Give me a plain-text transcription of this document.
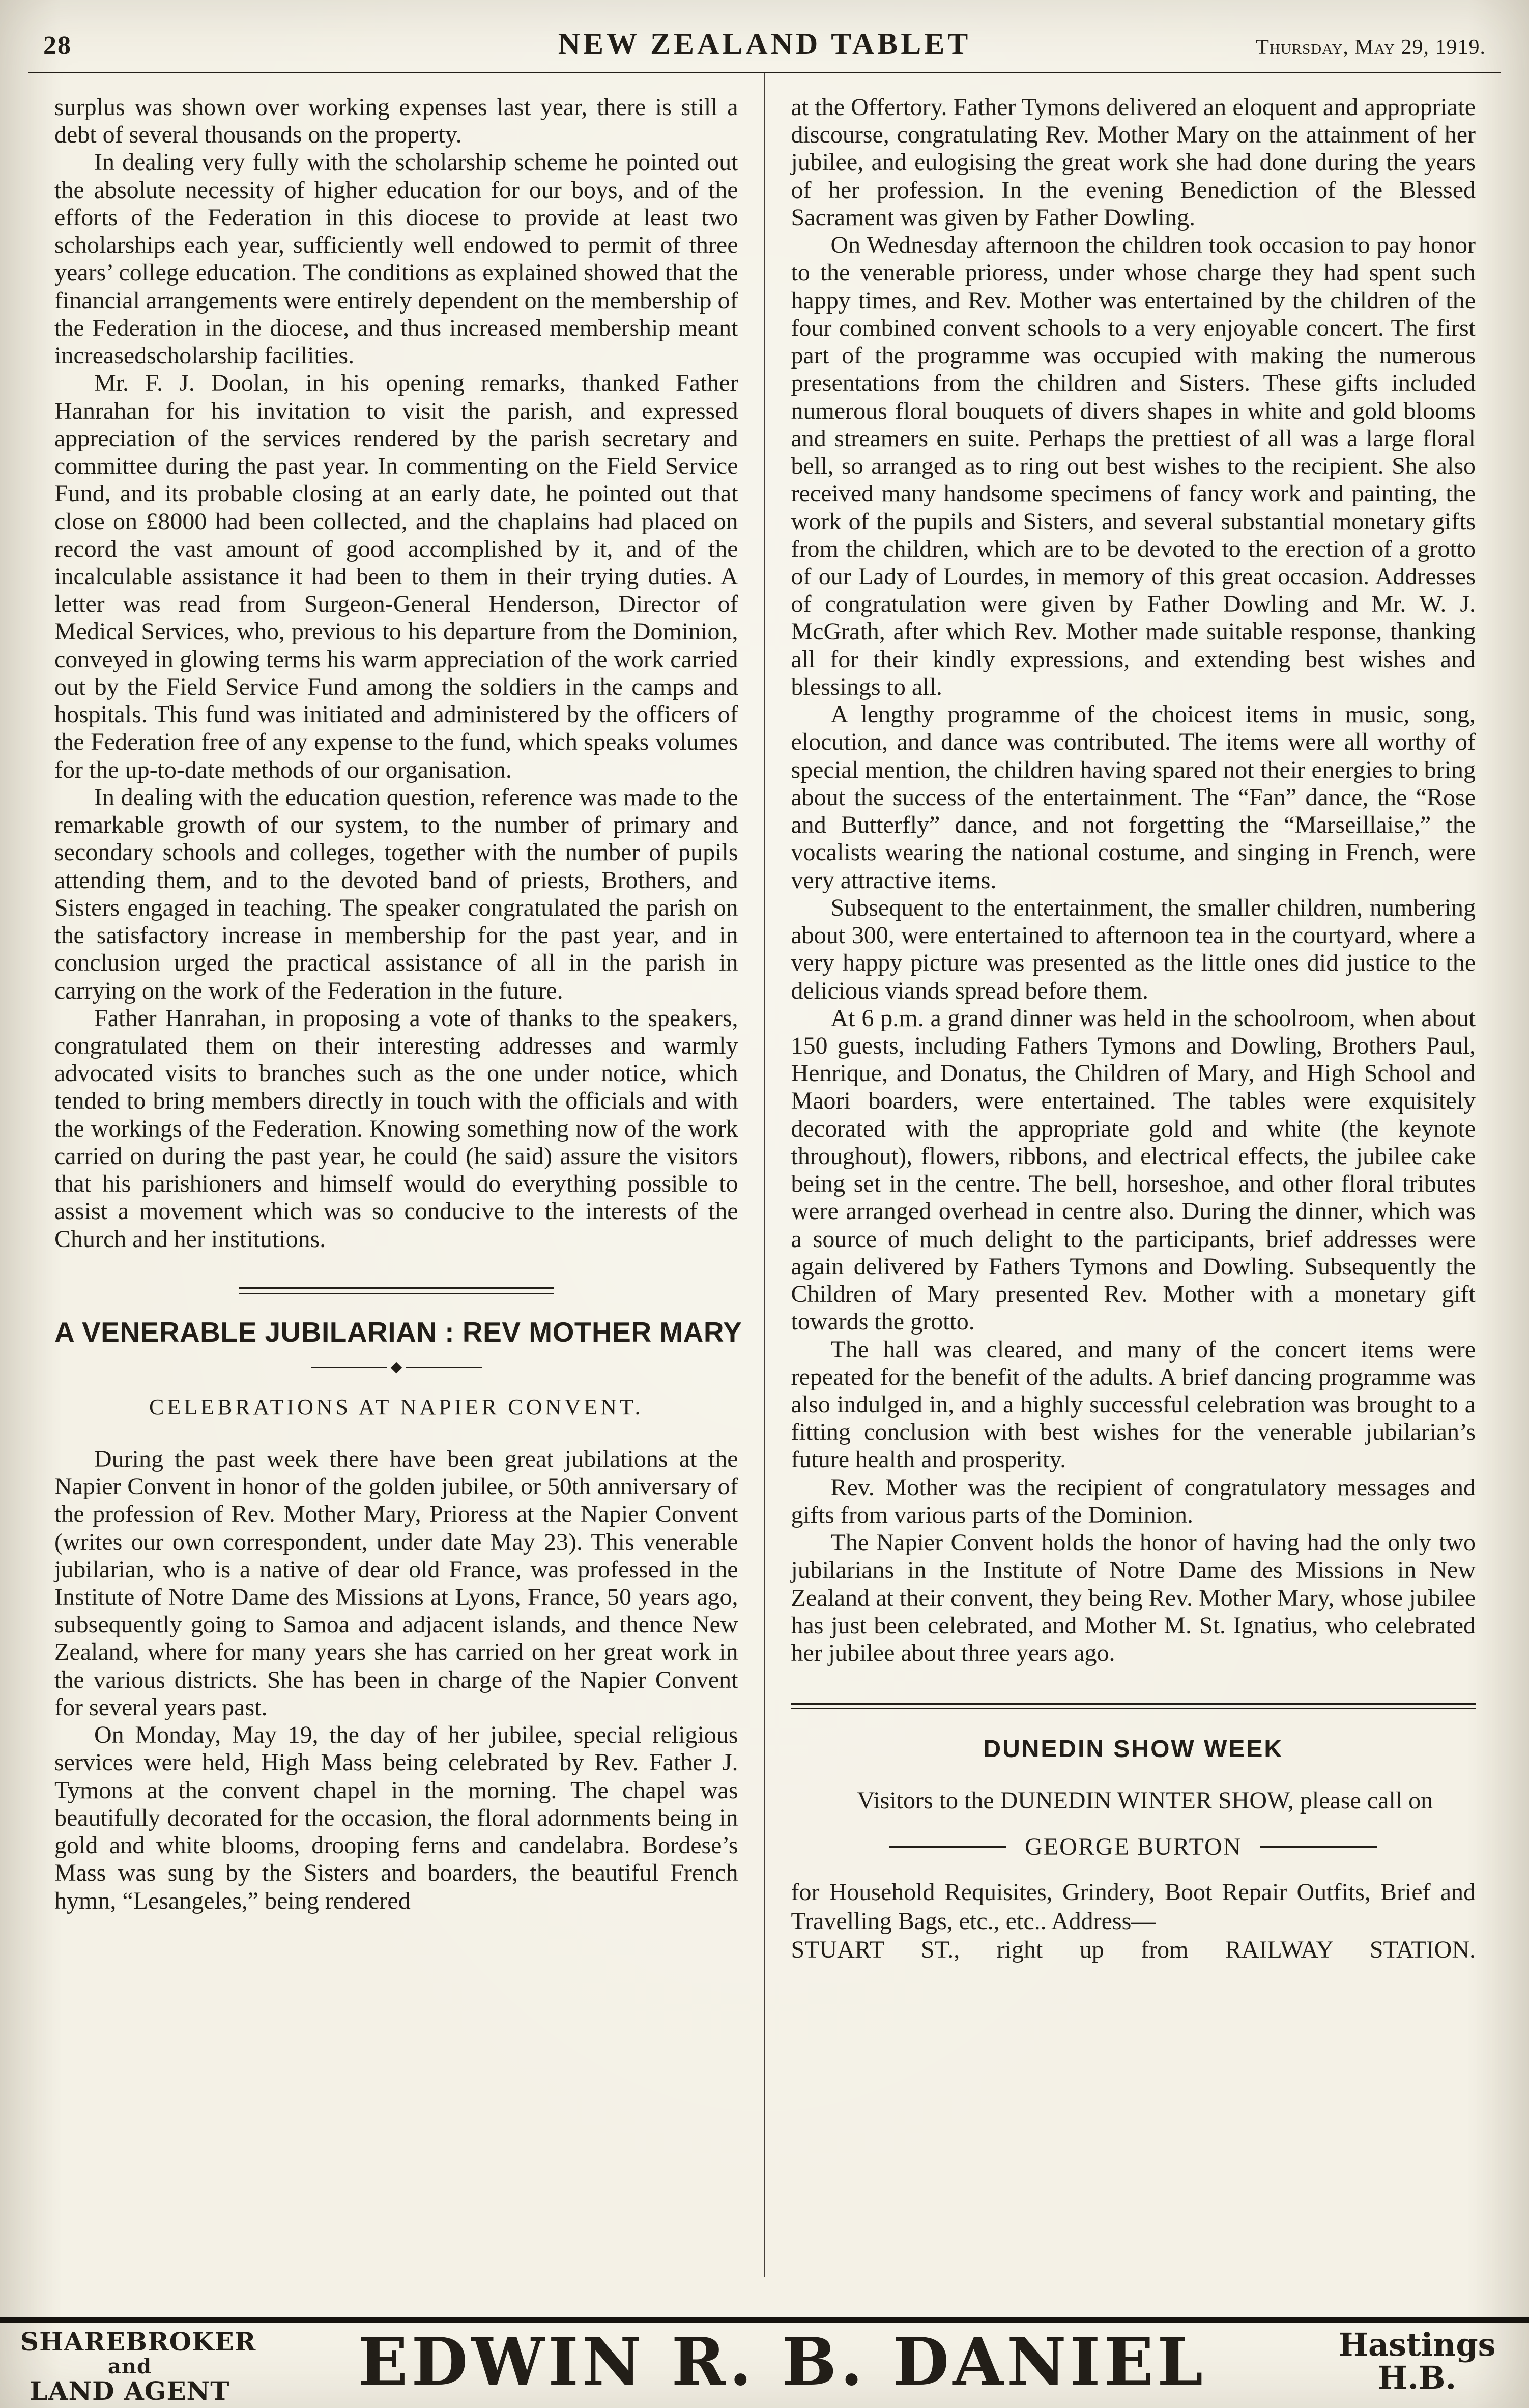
28	NEW ZEALAND TABLET	Thursday, May 29, 1919.

surplus was shown over working expenses last year, there is still a debt of several thousands on the property.

In dealing very fully with the scholarship scheme he pointed out the absolute necessity of higher education for our boys, and of the efforts of the Federation in this diocese to provide at least two scholarships each year, sufficiently well endowed to permit of three years’ college education. The conditions as explained showed that the financial arrangements were entirely dependent on the membership of the Federation in the diocese, and thus increased membership meant increasedscholarship facilities.

Mr. F. J. Doolan, in his opening remarks, thanked Father Hanrahan for his invitation to visit the parish, and expressed appreciation of the services rendered by the parish secretary and committee during the past year. In commenting on the Field Service Fund, and its probable closing at an early date, he pointed out that close on £8000 had been collected, and the chaplains had placed on record the vast amount of good accomplished by it, and of the incalculable assistance it had been to them in their trying duties. A letter was read from Surgeon-General Henderson, Director of Medical Services, who, previous to his departure from the Dominion, conveyed in glowing terms his warm appreciation of the work carried out by the Field Service Fund among the soldiers in the camps and hospitals. This fund was initiated and administered by the officers of the Federation free of any expense to the fund, which speaks volumes for the up-to-date methods of our organisation.

In dealing with the education question, reference was made to the remarkable growth of our system, to the number of primary and secondary schools and colleges, together with the number of pupils attending them, and to the devoted band of priests, Brothers, and Sisters engaged in teaching. The speaker congratulated the parish on the satisfactory increase in membership for the past year, and in conclusion urged the practical assistance of all in the parish in carrying on the work of the Federation in the future.

Father Hanrahan, in proposing a vote of thanks to the speakers, congratulated them on their interesting addresses and warmly advocated visits to branches such as the one under notice, which tended to bring members directly in touch with the officials and with the workings of the Federation. Knowing something now of the work carried on during the past year, he could (he said) assure the visitors that his parishioners and himself would do everything possible to assist a movement which was so conducive to the interests of the Church and her institutions.

A VENERABLE JUBILARIAN : REV MOTHER MARY
CELEBRATIONS AT NAPIER CONVENT.

During the past week there have been great jubilations at the Napier Convent in honor of the golden jubilee, or 50th anniversary of the profession of Rev. Mother Mary, Prioress at the Napier Convent (writes our own correspondent, under date May 23). This venerable jubilarian, who is a native of dear old France, was professed in the Institute of Notre Dame des Missions at Lyons, France, 50 years ago, subsequently going to Samoa and adjacent islands, and thence New Zealand, where for many years she has carried on her great work in the various districts. She has been in charge of the Napier Convent for several years past.

On Monday, May 19, the day of her jubilee, special religious services were held, High Mass being celebrated by Rev. Father J. Tymons at the convent chapel in the morning. The chapel was beautifully decorated for the occasion, the floral adornments being in gold and white blooms, drooping ferns and candelabra. Bordese’s Mass was sung by the Sisters and boarders, the beautiful French hymn, “Lesangeles,” being rendered

at the Offertory. Father Tymons delivered an eloquent and appropriate discourse, congratulating Rev. Mother Mary on the attainment of her jubilee, and eulogising the great work she had done during the years of her profession. In the evening Benediction of the Blessed Sacrament was given by Father Dowling.

On Wednesday afternoon the children took occasion to pay honor to the venerable prioress, under whose charge they had spent such happy times, and Rev. Mother was entertained by the children of the four combined convent schools to a very enjoyable concert. The first part of the programme was occupied with making the numerous presentations from the children and Sisters. These gifts included numerous floral bouquets of divers shapes in white and gold blooms and streamers en suite. Perhaps the prettiest of all was a large floral bell, so arranged as to ring out best wishes to the recipient. She also received many handsome specimens of fancy work and painting, the work of the pupils and Sisters, and several substantial monetary gifts from the children, which are to be devoted to the erection of a grotto of our Lady of Lourdes, in memory of this great occasion. Addresses of congratulation were given by Father Dowling and Mr. W. J. McGrath, after which Rev. Mother made suitable response, thanking all for their kindly expressions, and extending best wishes and blessings to all.

A lengthy programme of the choicest items in music, song, elocution, and dance was contributed. The items were all worthy of special mention, the children having spared not their energies to bring about the success of the entertainment. The “Fan” dance, the “Rose and Butterfly” dance, and not forgetting the “Marseillaise,” the vocalists wearing the national costume, and singing in French, were very attractive items.

Subsequent to the entertainment, the smaller children, numbering about 300, were entertained to afternoon tea in the courtyard, where a very happy picture was presented as the little ones did justice to the delicious viands spread before them.

At 6 p.m. a grand dinner was held in the schoolroom, when about 150 guests, including Fathers Tymons and Dowling, Brothers Paul, Henrique, and Donatus, the Children of Mary, and High School and Maori boarders, were entertained. The tables were exquisitely decorated with the appropriate gold and white (the keynote throughout), flowers, ribbons, and electrical effects, the jubilee cake being set in the centre. The bell, horseshoe, and other floral tributes were arranged overhead in centre also. During the dinner, which was a source of much delight to the participants, brief addresses were again delivered by Fathers Tymons and Dowling. Subsequently the Children of Mary presented Rev. Mother with a monetary gift towards the grotto.

The hall was cleared, and many of the concert items were repeated for the benefit of the adults. A brief dancing programme was also indulged in, and a highly successful celebration was brought to a fitting conclusion with best wishes for the venerable jubilarian’s future health and prosperity.

Rev. Mother was the recipient of congratulatory messages and gifts from various parts of the Dominion.

The Napier Convent holds the honor of having had the only two jubilarians in the Institute of Notre Dame des Missions in New Zealand at their convent, they being Rev. Mother Mary, whose jubilee has just been celebrated, and Mother M. St. Ignatius, who celebrated her jubilee about three years ago.

DUNEDIN SHOW WEEK

Visitors to the DUNEDIN WINTER SHOW, please call on

GEORGE BURTON

for Household Requisites, Grindery, Boot Repair Outfits, Brief and Travelling Bags, etc., etc.. Address—

STUART ST., right up from RAILWAY STATION.

SHAREBROKER
and
LAND AGENT	EDWIN R. B. DANIEL	Hastings
H.B.
